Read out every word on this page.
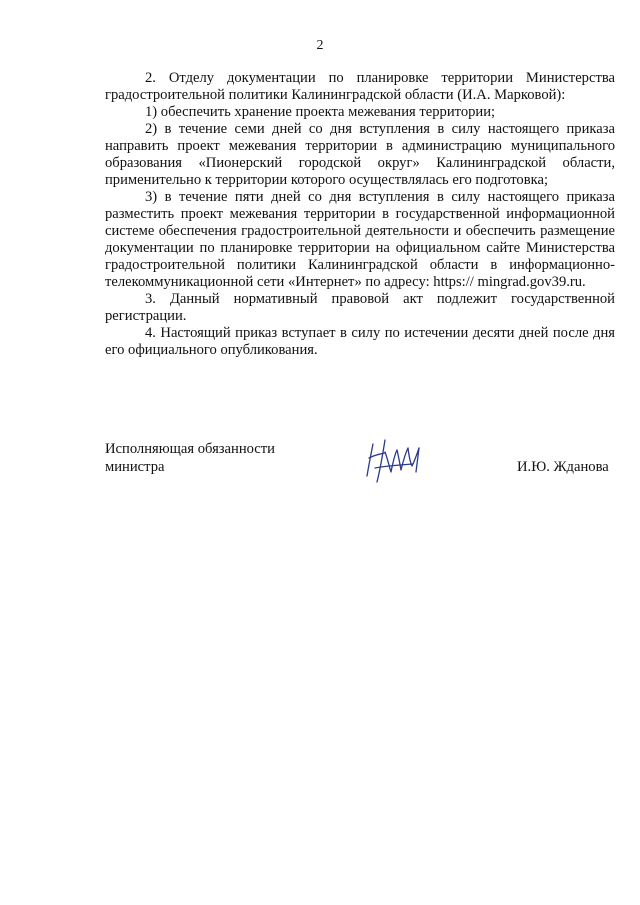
2

2. Отделу документации по планировке территории Министерства градостроительной политики Калининградской области (И.А. Марковой):

1) обеспечить хранение проекта межевания территории;

2) в течение семи дней со дня вступления в силу настоящего приказа направить проект межевания территории в администрацию муниципального образования «Пионерский городской округ» Калининградской области, применительно к территории которого осуществлялась его подготовка;

3) в течение пяти дней со дня вступления в силу настоящего приказа разместить проект межевания территории в государственной информационной системе обеспечения градостроительной деятельности и обеспечить размещение документации по планировке территории на официальном сайте Министерства градостроительной политики Калининградской области в информационно-телекоммуникационной сети «Интернет» по адресу: https:// mingrad.gov39.ru.

3. Данный нормативный правовой акт подлежит государственной регистрации.

4. Настоящий приказ вступает в силу по истечении десяти дней после дня его официального опубликования.

Исполняющая обязанности
министра	И.Ю. Жданова
